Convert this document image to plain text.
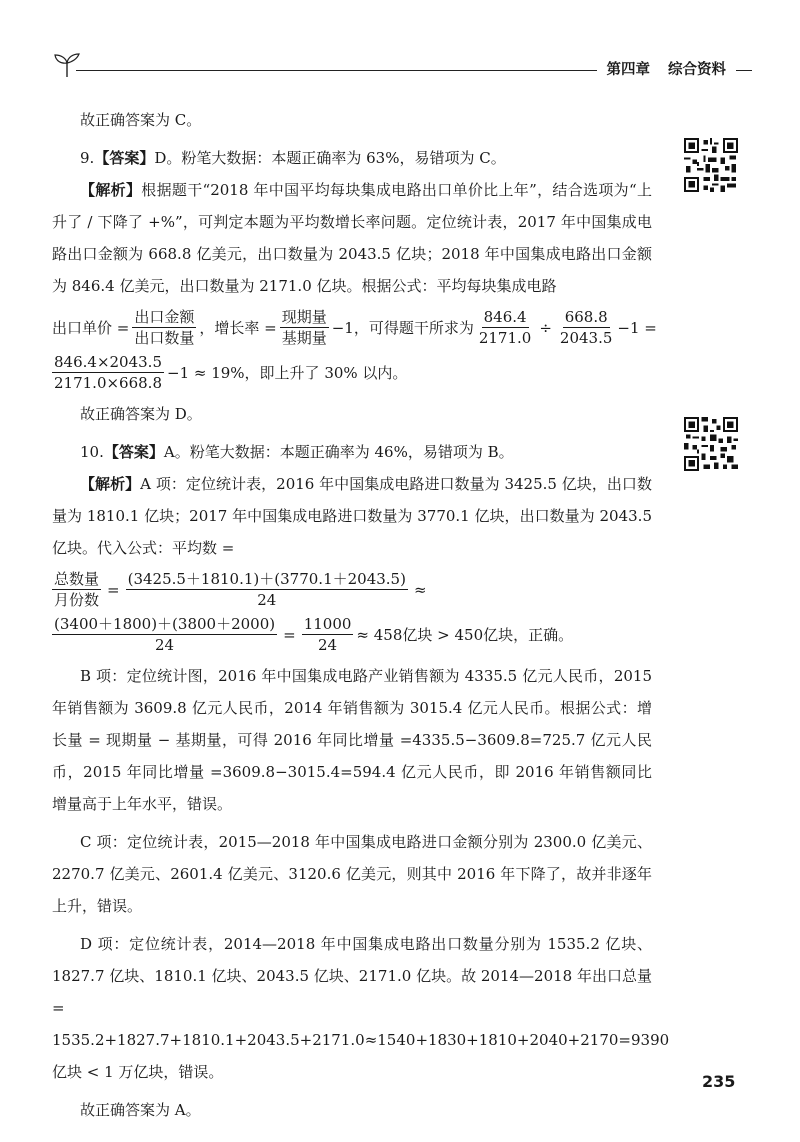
第四章 综合资料

故正确答案为 C。

9.【答案】D。粉笔大数据：本题正确率为 63%，易错项为 C。

【解析】根据题干“2018 年中国平均每块集成电路出口单价比上年”，结合选项为“上升了 / 下降了 +%”，可判定本题为平均数增长率问题。定位统计表，2017 年中国集成电路出口金额为 668.8 亿美元，出口数量为 2043.5 亿块；2018 年中国集成电路出口金额为 846.4 亿美元，出口数量为 2171.0 亿块。根据公式：平均每块集成电路

出口单价 = $\frac{\text{出口金额}}{\text{出口数量}}$ ，增长率 = $\frac{\text{现期量}}{\text{基期量}} -1$，可得题干所求为 $\frac{846.4}{2171.0} \div \frac{668.8}{2043.5} -1$ =
$\frac{846.4\times 2043.5}{2171.0\times 668.8} -1 \approx 19\%$，即上升了 30% 以内。

故正确答案为 D。

10.【答案】A。粉笔大数据：本题正确率为 46%，易错项为 B。

【解析】A 项：定位统计表，2016 年中国集成电路进口数量为 3425.5 亿块，出口数量为 1810.1 亿块；2017 年中国集成电路进口数量为 3770.1 亿块，出口数量为 2043.5 亿块。代入公式：平均数 =

$\frac{\text{总数量}}{\text{月份数}} = \frac{(3425.5+1810.1)+(3770.1+2043.5)}{24}$ ≈
$\frac{(3400+1800)+(3800+2000)}{24} = \frac{11000}{24} \approx 458$亿块 > 450亿块，正确。

B 项：定位统计图，2016 年中国集成电路产业销售额为 4335.5 亿元人民币，2015 年销售额为 3609.8 亿元人民币，2014 年销售额为 3015.4 亿元人民币。根据公式：增长量 = 现期量 − 基期量，可得 2016 年同比增量 =4335.5−3609.8=725.7 亿元人民币，2015 年同比增量 =3609.8−3015.4=594.4 亿元人民币，即 2016 年销售额同比增量高于上年水平，错误。

C 项：定位统计表，2015—2018 年中国集成电路进口金额分别为 2300.0 亿美元、2270.7 亿美元、2601.4 亿美元、3120.6 亿美元，则其中 2016 年下降了，故并非逐年上升，错误。

D 项：定位统计表，2014—2018 年中国集成电路出口数量分别为 1535.2 亿块、1827.7 亿块、1810.1 亿块、2043.5 亿块、2171.0 亿块。故 2014—2018 年出口总量 = 1535.2+1827.7+1810.1+2043.5+2171.0≈1540+1830+1810+2040+2170=9390 亿块 < 1 万亿块，错误。

故正确答案为 A。

235
